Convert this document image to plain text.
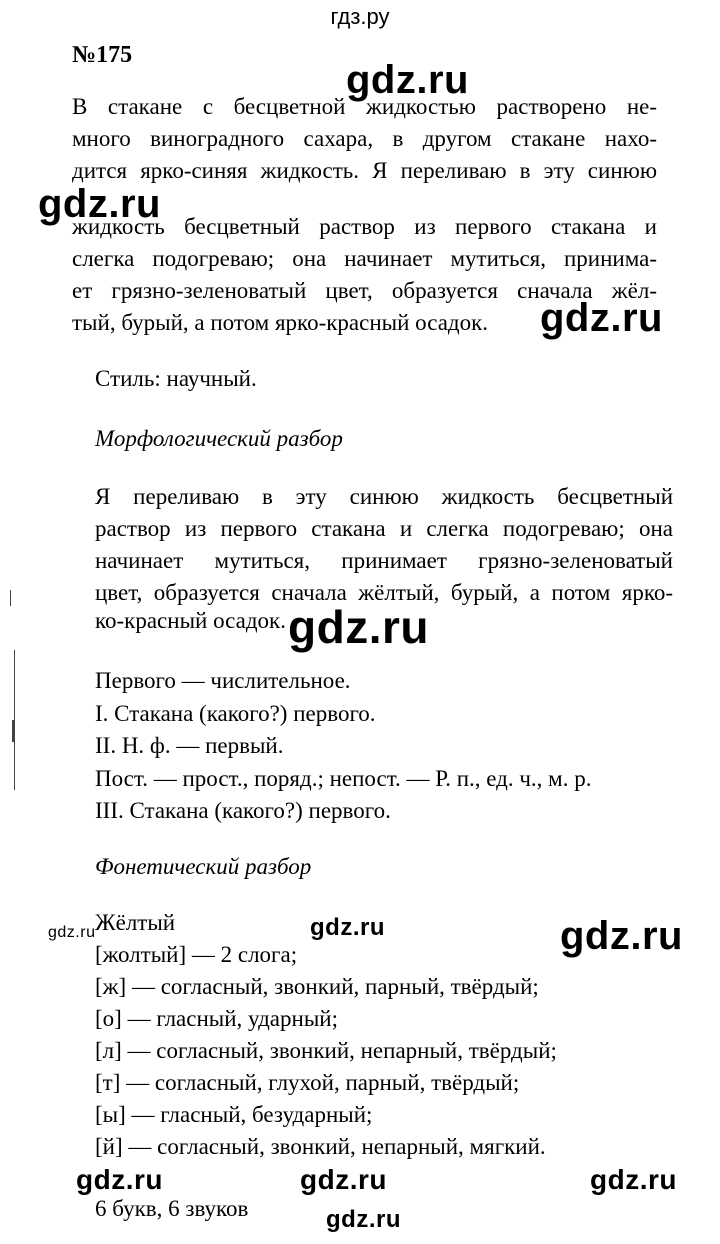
гдз.ру
№175
В стакане с бесцветной жидкостью растворено не-
много виноградного сахара, в другом стакане нахо-
дится ярко-синяя жидкость. Я переливаю в эту синюю
жидкость бесцветный раствор из первого стакана и
слегка подогреваю; она начинает мутиться, принима-
ет грязно-зеленоватый цвет, образуется сначала жёл-
тый, бурый, а потом ярко-красный осадок.
Стиль: научный.
Морфологический разбор
Я переливаю в эту синюю жидкость бесцветный
раствор из первого стакана и слегка подогреваю; она
начинает мутиться, принимает грязно-зеленоватый
цвет, образуется сначала жёлтый, бурый, а потом ярко-
ко-красный осадок.
Первого — числительное.
I. Стакана (какого?) первого.
II. Н. ф. — первый.
Пост. — прост., поряд.; непост. — Р. п., ед. ч., м. р.
III. Стакана (какого?) первого.
Фонетический разбор
Жёлтый
[жолтый] — 2 слога;
[ж] — согласный, звонкий, парный, твёрдый;
[о] — гласный, ударный;
[л] — согласный, звонкий, непарный, твёрдый;
[т] — согласный, глухой, парный, твёрдый;
[ы] — гласный, безударный;
[й] — согласный, звонкий, непарный, мягкий.
6 букв, 6 звуков
gdz.ru
gdz.ru
gdz.ru
gdz.ru
gdz.ru	gdz.ru	gdz.ru
gdz.ru	gdz.ru	gdz.ru
gdz.ru
